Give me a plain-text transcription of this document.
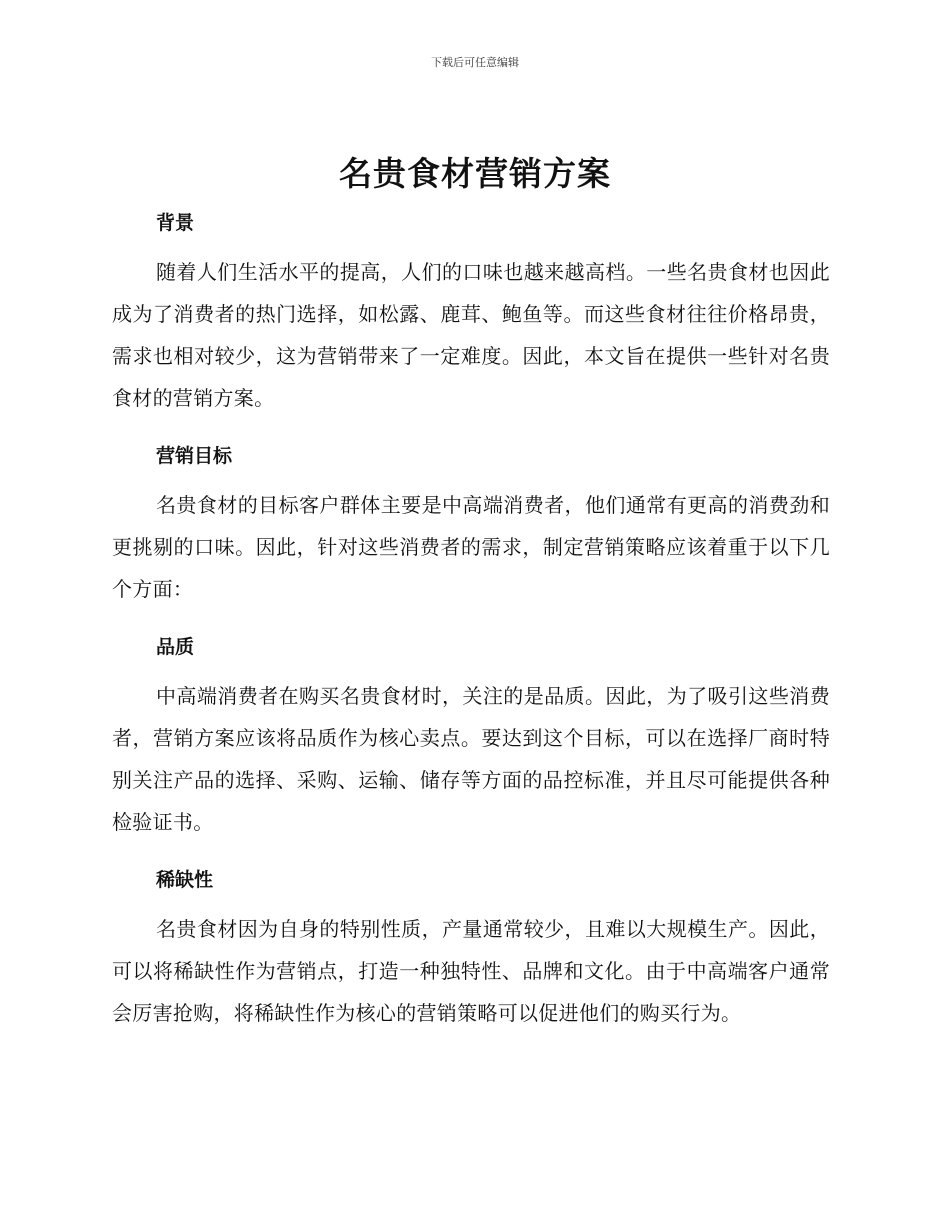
下载后可任意编辑
名贵食材营销方案
背景

随着人们生活水平的提高，人们的口味也越来越高档。一些名贵食材也因此成为了消费者的热门选择，如松露、鹿茸、鲍鱼等。而这些食材往往价格昂贵，需求也相对较少，这为营销带来了一定难度。因此，本文旨在提供一些针对名贵食材的营销方案。

营销目标

名贵食材的目标客户群体主要是中高端消费者，他们通常有更高的消费劲和更挑剔的口味。因此，针对这些消费者的需求，制定营销策略应该着重于以下几个方面：

品质

中高端消费者在购买名贵食材时，关注的是品质。因此，为了吸引这些消费者，营销方案应该将品质作为核心卖点。要达到这个目标，可以在选择厂商时特别关注产品的选择、采购、运输、储存等方面的品控标准，并且尽可能提供各种检验证书。

稀缺性

名贵食材因为自身的特别性质，产量通常较少，且难以大规模生产。因此，可以将稀缺性作为营销点，打造一种独特性、品牌和文化。由于中高端客户通常会厉害抢购，将稀缺性作为核心的营销策略可以促进他们的购买行为。
